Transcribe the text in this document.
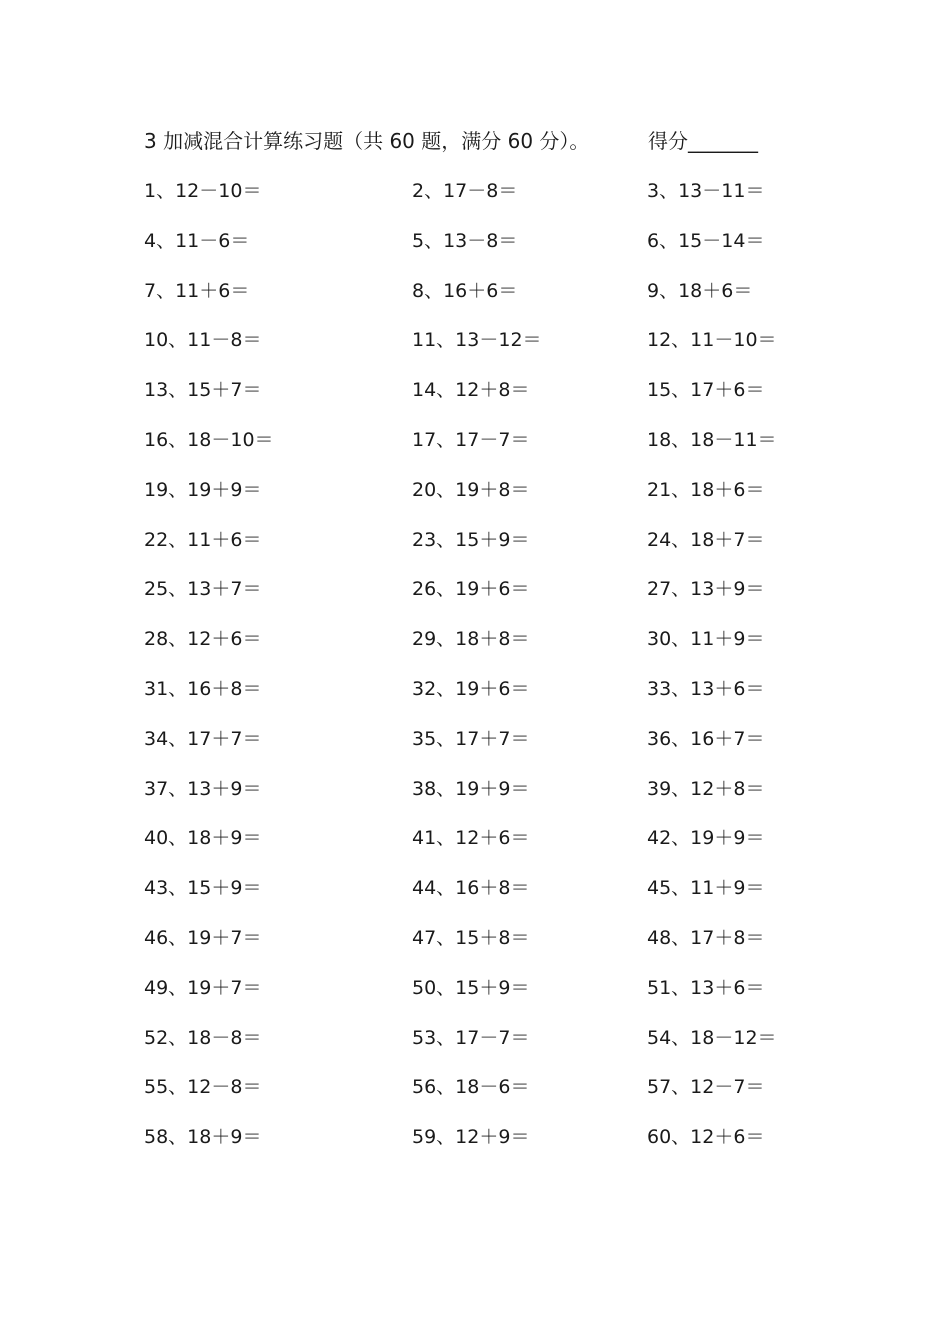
3 加减混合计算练习题（共 60 题，满分 60 分）。	得分_______
1、12－10＝	2、17－8＝	3、13－11＝
4、11－6＝	5、13－8＝	6、15－14＝
7、11＋6＝	8、16＋6＝	9、18＋6＝
10、11－8＝	11、13－12＝	12、11－10＝
13、15＋7＝	14、12＋8＝	15、17＋6＝
16、18－10＝	17、17－7＝	18、18－11＝
19、19＋9＝	20、19＋8＝	21、18＋6＝
22、11＋6＝	23、15＋9＝	24、18＋7＝
25、13＋7＝	26、19＋6＝	27、13＋9＝
28、12＋6＝	29、18＋8＝	30、11＋9＝
31、16＋8＝	32、19＋6＝	33、13＋6＝
34、17＋7＝	35、17＋7＝	36、16＋7＝
37、13＋9＝	38、19＋9＝	39、12＋8＝
40、18＋9＝	41、12＋6＝	42、19＋9＝
43、15＋9＝	44、16＋8＝	45、11＋9＝
46、19＋7＝	47、15＋8＝	48、17＋8＝
49、19＋7＝	50、15＋9＝	51、13＋6＝
52、18－8＝	53、17－7＝	54、18－12＝
55、12－8＝	56、18－6＝	57、12－7＝
58、18＋9＝	59、12＋9＝	60、12＋6＝
